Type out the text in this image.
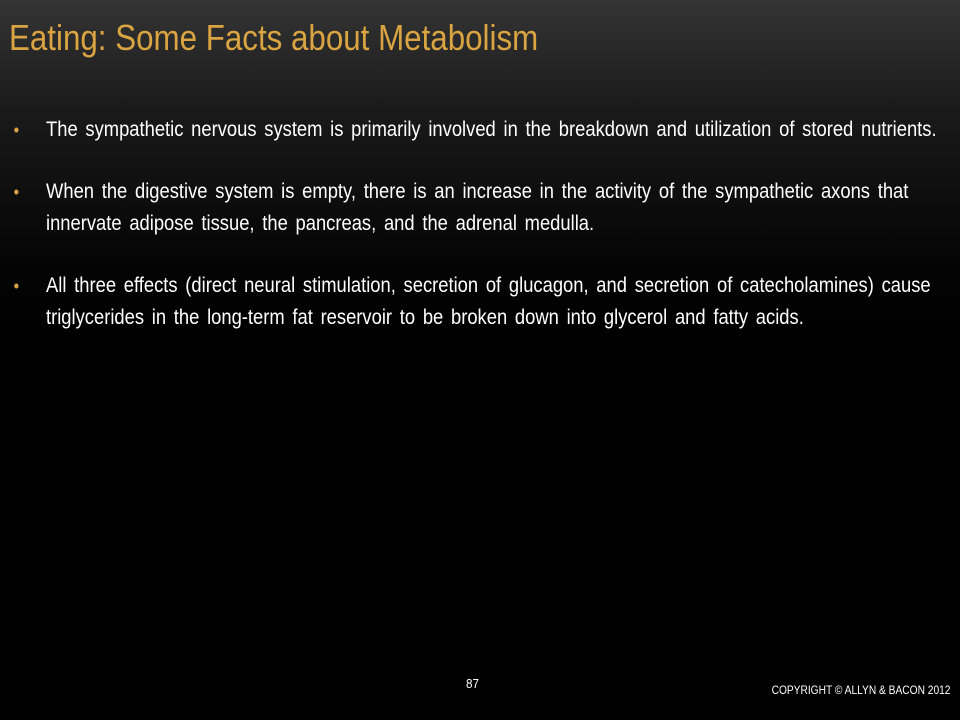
Eating: Some Facts about Metabolism
• The sympathetic nervous system is primarily involved in the breakdown and utilization of stored nutrients.
• When the digestive system is empty, there is an increase in the activity of the sympathetic axons that innervate adipose tissue, the pancreas, and the adrenal medulla.
• All three effects (direct neural stimulation, secretion of glucagon, and secretion of catecholamines) cause triglycerides in the long-term fat reservoir to be broken down into glycerol and fatty acids.
87	COPYRIGHT © ALLYN & BACON 2012
